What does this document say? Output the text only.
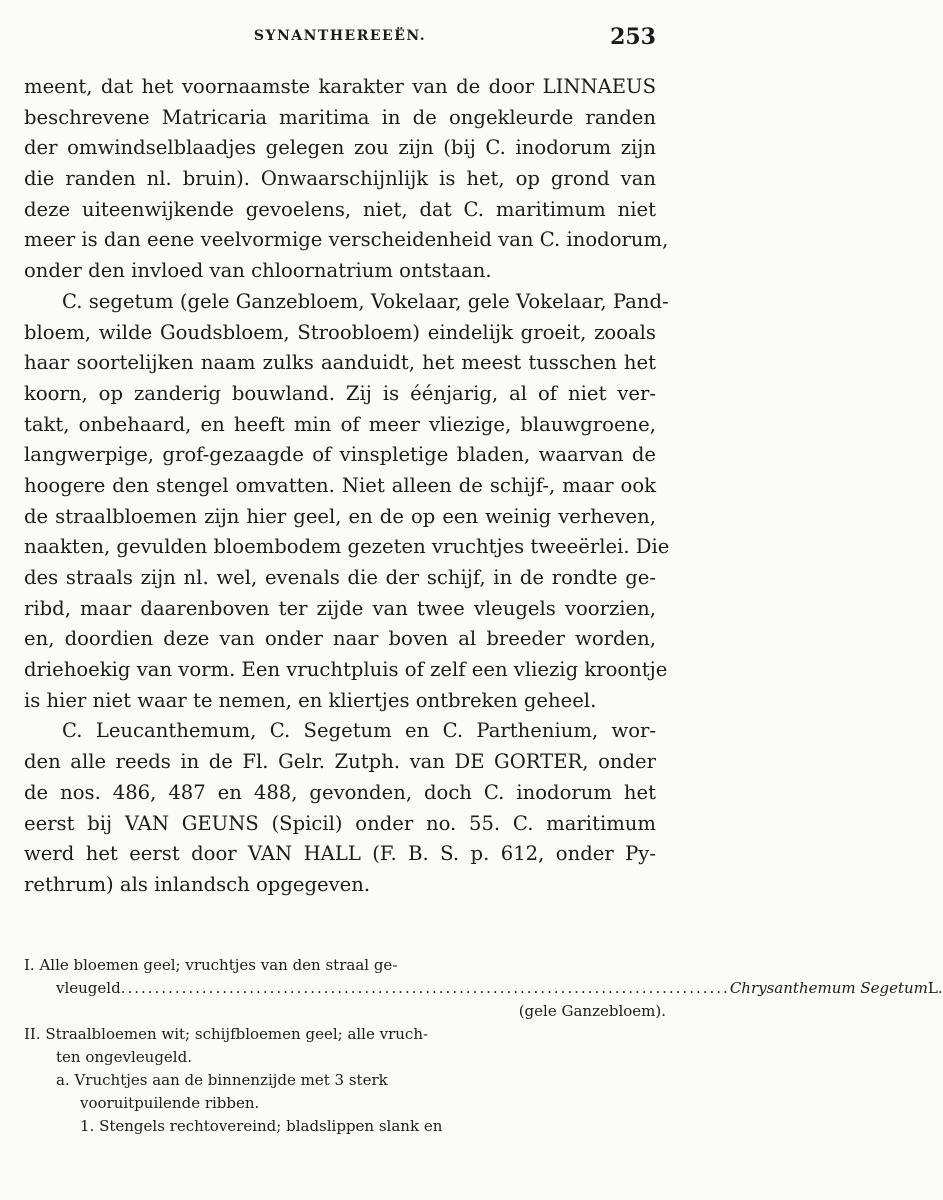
SYNANTHEREEËN.	253
meent, dat het voornaamste karakter van de door LINNAEUS
beschrevene Matricaria maritima in de ongekleurde randen
der omwindselblaadjes gelegen zou zijn (bij C. inodorum zijn
die randen nl. bruin). Onwaarschijnlijk is het, op grond van
deze uiteenwijkende gevoelens, niet, dat C. maritimum niet
meer is dan eene veelvormige verscheidenheid van C. inodorum,
onder den invloed van chloornatrium ontstaan.
C. segetum (gele Ganzebloem, Vokelaar, gele Vokelaar, Pand-
bloem, wilde Goudsbloem, Stroobloem) eindelijk groeit, zooals
haar soortelijken naam zulks aanduidt, het meest tusschen het
koorn, op zanderig bouwland. Zij is éénjarig, al of niet ver-
takt, onbehaard, en heeft min of meer vliezige, blauwgroene,
langwerpige, grof-gezaagde of vinspletige bladen, waarvan de
hoogere den stengel omvatten. Niet alleen de schijf-, maar ook
de straalbloemen zijn hier geel, en de op een weinig verheven,
naakten, gevulden bloembodem gezeten vruchtjes tweeërlei. Die
des straals zijn nl. wel, evenals die der schijf, in de rondte ge-
ribd, maar daarenboven ter zijde van twee vleugels voorzien,
en, doordien deze van onder naar boven al breeder worden,
driehoekig van vorm. Een vruchtpluis of zelf een vliezig kroontje
is hier niet waar te nemen, en kliertjes ontbreken geheel.
C. Leucanthemum, C. Segetum en C. Parthenium, wor-
den alle reeds in de Fl. Gelr. Zutph. van DE GORTER, onder
de nos. 486, 487 en 488, gevonden, doch C. inodorum het
eerst bij VAN GEUNS (Spicil) onder no. 55. C. maritimum
werd het eerst door VAN HALL (F. B. S. p. 612, onder Py-
rethrum) als inlandsch opgegeven.
I. Alle bloemen geel; vruchtjes van den straal ge-
vleugeld .......................................................................................... Chrysanthemum Segetum L.
(gele Ganzebloem).
II. Straalbloemen wit; schijfbloemen geel; alle vruch-
ten ongevleugeld.
a. Vruchtjes aan de binnenzijde met 3 sterk
vooruitpuilende ribben.
1. Stengels rechtovereind; bladslippen slank en
